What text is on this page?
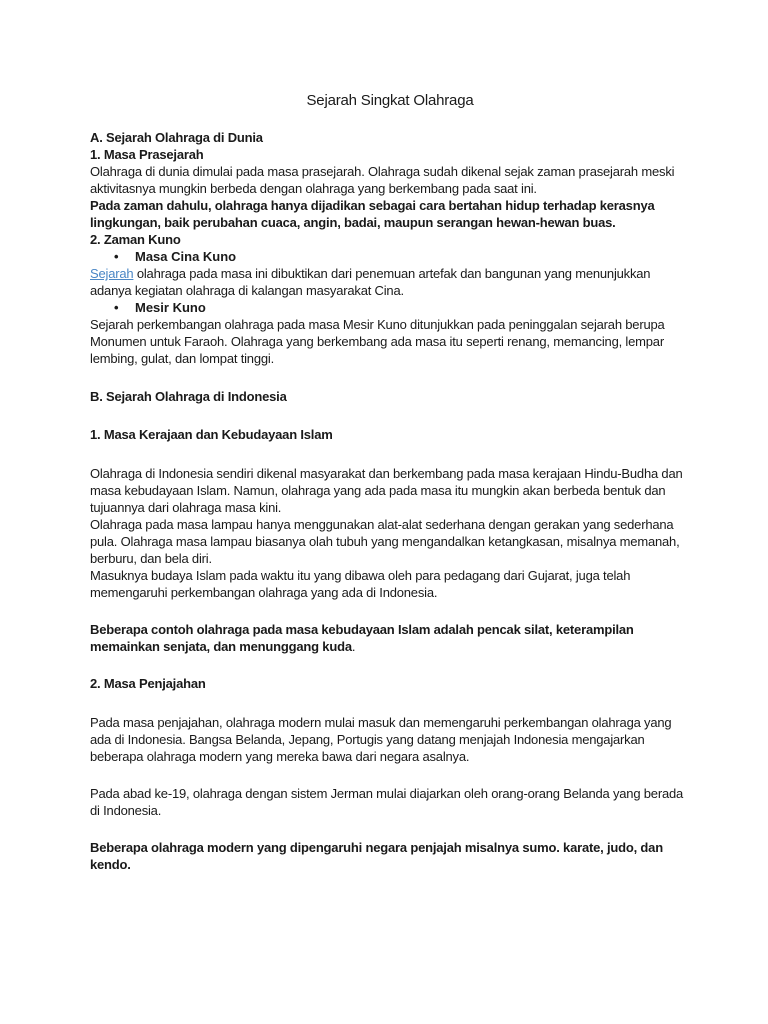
Sejarah Singkat Olahraga

A. Sejarah Olahraga di Dunia

1. Masa Prasejarah

Olahraga di dunia dimulai pada masa prasejarah. Olahraga sudah dikenal sejak zaman prasejarah meski aktivitasnya mungkin berbeda dengan olahraga yang berkembang pada saat ini.

Pada zaman dahulu, olahraga hanya dijadikan sebagai cara bertahan hidup terhadap kerasnya lingkungan, baik perubahan cuaca, angin, badai, maupun serangan hewan-hewan buas.

2. Zaman Kuno

• Masa Cina Kuno

Sejarah olahraga pada masa ini dibuktikan dari penemuan artefak dan bangunan yang menunjukkan adanya kegiatan olahraga di kalangan masyarakat Cina.

• Mesir Kuno

Sejarah perkembangan olahraga pada masa Mesir Kuno ditunjukkan pada peninggalan sejarah berupa Monumen untuk Faraoh. Olahraga yang berkembang ada masa itu seperti renang, memancing, lempar lembing, gulat, dan lompat tinggi.

B. Sejarah Olahraga di Indonesia

1. Masa Kerajaan dan Kebudayaan Islam

Olahraga di Indonesia sendiri dikenal masyarakat dan berkembang pada masa kerajaan Hindu-Budha dan masa kebudayaan Islam. Namun, olahraga yang ada pada masa itu mungkin akan berbeda bentuk dan tujuannya dari olahraga masa kini.

Olahraga pada masa lampau hanya menggunakan alat-alat sederhana dengan gerakan yang sederhana pula. Olahraga masa lampau biasanya olah tubuh yang mengandalkan ketangkasan, misalnya memanah, berburu, dan bela diri.

Masuknya budaya Islam pada waktu itu yang dibawa oleh para pedagang dari Gujarat, juga telah memengaruhi perkembangan olahraga yang ada di Indonesia.

Beberapa contoh olahraga pada masa kebudayaan Islam adalah pencak silat, keterampilan memainkan senjata, dan menunggang kuda.

2. Masa Penjajahan

Pada masa penjajahan, olahraga modern mulai masuk dan memengaruhi perkembangan olahraga yang ada di Indonesia. Bangsa Belanda, Jepang, Portugis yang datang menjajah Indonesia mengajarkan beberapa olahraga modern yang mereka bawa dari negara asalnya.

Pada abad ke-19, olahraga dengan sistem Jerman mulai diajarkan oleh orang-orang Belanda yang berada di Indonesia.

Beberapa olahraga modern yang dipengaruhi negara penjajah misalnya sumo. karate, judo, dan kendo.
